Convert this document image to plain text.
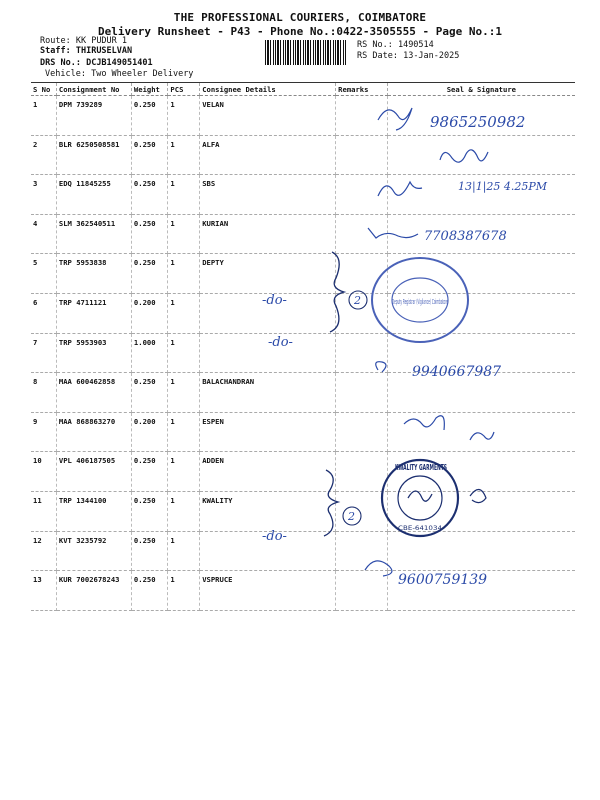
THE PROFESSIONAL COURIERS, COIMBATORE
Delivery Runsheet - P43 - Phone No.:0422-3505555 - Page No.:1
Route: KK PUDUR 1
Staff: THIRUSELVAN
DRS No.: DCJB149051401
Vehicle: Two Wheeler Delivery
RS No.: 1490514
RS Date: 13-Jan-2025
S No	Consignment No	Weight	PCS	Consignee Details	Remarks	Seal & Signature
1	DPM 739289	0.250	1	VELAN		
2	BLR 6250508581	0.250	1	ALFA		
3	EDQ 11845255	0.250	1	SBS		
4	SLM 362540511	0.250	1	KURIAN		
5	TRP 5953838	0.250	1	DEPTY		
6	TRP 4711121	0.200	1			
7	TRP 5953903	1.000	1			
8	MAA 600462858	0.250	1	BALACHANDRAN		
9	MAA 868863270	0.200	1	ESPEN		
10	VPL 406187505	0.250	1	ADDEN		
11	TRP 1344100	0.250	1	KWALITY		
12	KVT 3235792	0.250	1			
13	KUR 7002678243	0.250	1	VSPRUCE		
9865250982
13|1|25 4.25PM
7708387678
2
-do-
-do-
Deputy Registrar (Vigilance) Coimbatore
9940667987
KWALITY GARMENTS
CBE-641034
2
-do-
9600759139
